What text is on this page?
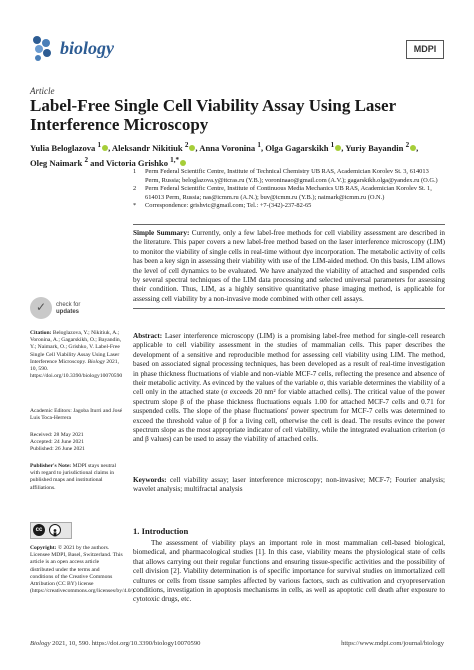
biology	MDPI
Article
Label-Free Single Cell Viability Assay Using Laser Interference Microscopy
Yulia Beloglazova $^1$ , Aleksandr Nikitiuk $^2$ , Anna Voronina $^1$, Olga Gagarskikh $^1$ , Yuriy Bayandin $^2$ ,
Oleg Naimark $^2$ and Victoria Grishko $^{1,*}$
1 Perm Federal Scientific Centre, Institute of Technical Chemistry UB RAS, Academician Korolev St. 3, 614013 Perm, Russia; beloglazova.y@itcras.ru (Y.B.); voroninaao@gmail.com (A.V.); gagarskikh.olga@yandex.ru (O.G.)
2 Perm Federal Scientific Centre, Institute of Continuous Media Mechanics UB RAS, Academician Korolev St. 1, 614013 Perm, Russia; nas@icmm.ru (A.N.); buv@icmm.ru (Y.B.); naimark@icmm.ru (O.N.)
* Correspondence: grishvic@gmail.com; Tel.: +7-(342)-237-82-65
Simple Summary: Currently, only a few label-free methods for cell viability assessment are described in the literature. This paper covers a new label-free method based on the laser interference microscopy (LIM) to monitor the viability of single cells in real-time without dye incorporation. The metabolic activity of cells has been a key sign in assessing their viability with use of the LIM-aided method. On this basis, LIM allows the level of cell dynamics to be evaluated. We have analyzed the viability of attached and suspended cells by several spectral techniques of the LIM data processing and selected universal parameters for assessing their condition. Thus, LIM, as a highly sensitive quantitative phase imaging method, is applicable for assessing cell viability by a non-invasive mode combined with other cell assays.
Abstract: Laser interference microscopy (LIM) is a promising label-free method for single-cell research applicable to cell viability assessment in the studies of mammalian cells. This paper describes the development of a sensitive and reproducible method for assessing cell viability using LIM. The method, based on associated signal processing techniques, has been developed as a result of real-time investigation in phase thickness fluctuations of viable and non-viable MCF-7 cells, reflecting the presence and absence of their metabolic activity. As evinced by the values of the variable σ, this variable determines the viability of a cell only in the attached state (σ exceeds 20 nm² for viable attached cells). The critical value of the power spectrum slope β of the phase thickness fluctuations equals 1.00 for attached MCF-7 cells and 0.71 for suspended cells. The slope of the phase fluctuations' power spectrum for MCF-7 cells was determined to exceed the threshold value of β for a living cell, otherwise the cell is dead. The results evince the power spectrum slope as the most appropriate indicator of cell viability, while the integrated evaluation criterion (σ and β values) can be used to assay the viability of attached cells.
Keywords: cell viability assay; laser interference microscopy; non-invasive; MCF-7; Fourier analysis; wavelet analysis; multifractal analysis
✓ check for
updates
Citation: Beloglazova, Y.; Nikitiuk, A.; Voronina, A.; Gagarskikh, O.; Bayandin, Y.; Naimark, O.; Grishko, V. Label-Free Single Cell Viability Assay Using Laser Interference Microscopy. Biology 2021, 10, 590. https://doi.org/10.3390/biology10070590
Academic Editors: Jagoba Iturri and José Luis Toca-Herrera
Received: 28 May 2021
Accepted: 24 June 2021
Published: 26 June 2021
Publisher's Note: MDPI stays neutral with regard to jurisdictional claims in published maps and institutional affiliations.
cc
Copyright: © 2021 by the authors. Licensee MDPI, Basel, Switzerland. This article is an open access article distributed under the terms and conditions of the Creative Commons Attribution (CC BY) license (https://creativecommons.org/licenses/by/4.0/).
1. Introduction
The assessment of viability plays an important role in most mammalian cell-based biological, biomedical, and pharmacological studies [1]. In this case, viability means the physiological state of cells that allows carrying out their regular functions and ensuring tissue-specific activities and the possibility of cell division [2]. Viability determination is of specific importance for survival studies on immortalized cell cultures or cells from tissue samples affected by various factors, such as cultivation and cryopreservation conditions, investigation in apoptosis mechanisms in cells, as well as apoptotic cell death after exposure to cytotoxic drugs, etc.
Biology 2021, 10, 590. https://doi.org/10.3390/biology10070590	https://www.mdpi.com/journal/biology
